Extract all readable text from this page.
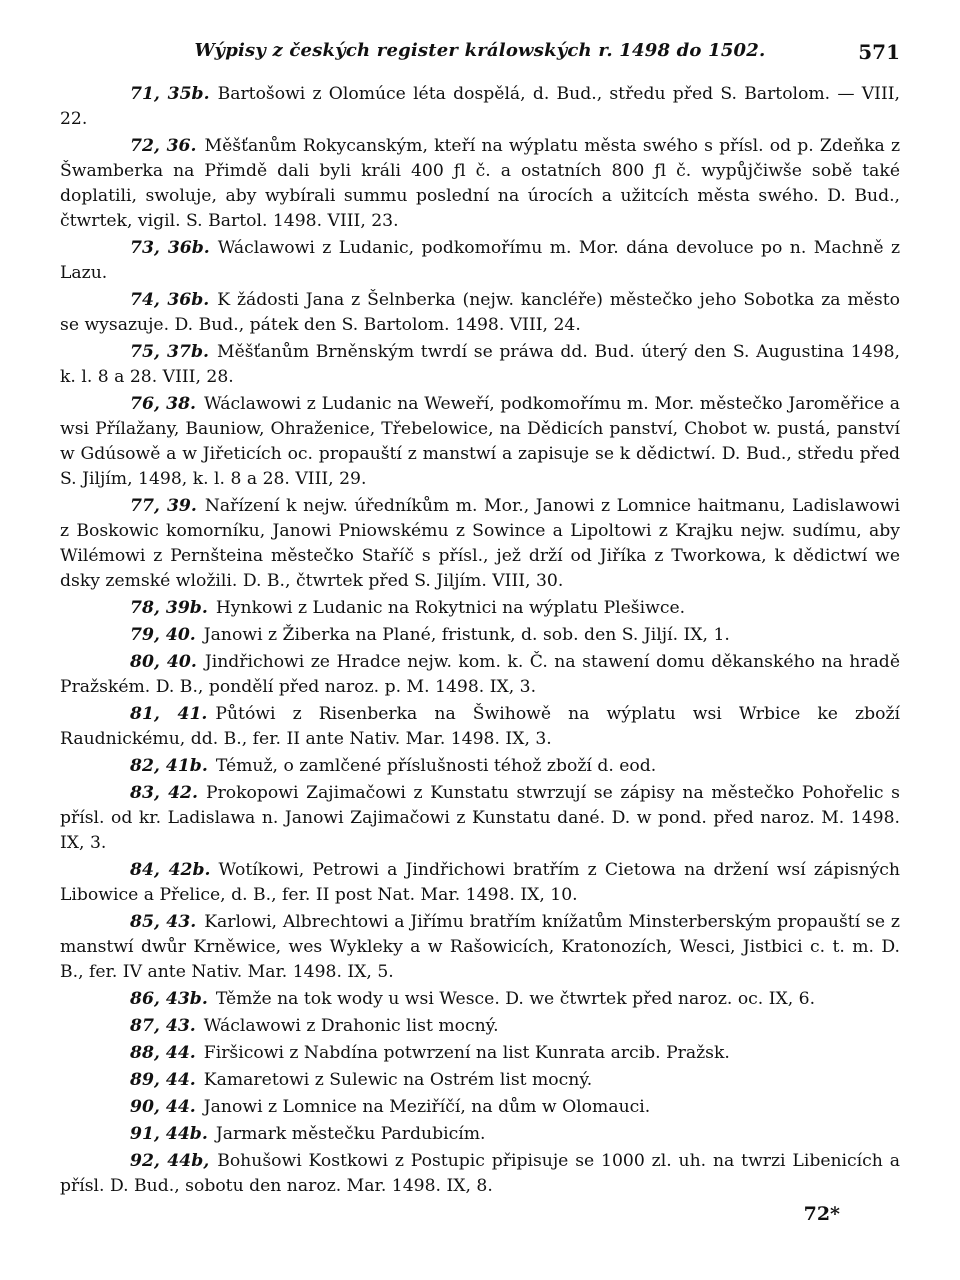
Wýpisy z českých register králowských r. 1498 do 1502.	571

71, 35b. Bartošowi z Olomúce léta dospělá, d. Bud., středu před S. Bartolom. — VIII, 22.

72, 36. Měšťanům Rokycanským, kteří na wýplatu města swého s přísl. od p. Zdeňka z Šwamberka na Přimdě dali byli králi 400 ƒl č. a ostatních 800 ƒl č. wypůjčiwše sobě také doplatili, swoluje, aby wybírali summu poslední na úrocích a užitcích města swého. D. Bud., čtwrtek, vigil. S. Bartol. 1498. VIII, 23.

73, 36b. Wáclawowi z Ludanic, podkomořímu m. Mor. dána devoluce po n. Machně z Lazu.

74, 36b. K žádosti Jana z Šelnberka (nejw. kancléře) městečko jeho Sobotka za město se wysazuje. D. Bud., pátek den S. Bartolom. 1498. VIII, 24.

75, 37b. Měšťanům Brněnským twrdí se práwa dd. Bud. úterý den S. Augustina 1498, k. l. 8 a 28. VIII, 28.

76, 38. Wáclawowi z Ludanic na Weweří, podkomořímu m. Mor. městečko Jaroměřice a wsi Přílažany, Bauniow, Ohraženice, Třebelowice, na Dědicích panství, Chobot w. pustá, panství w Gdúsowě a w Jiřeticích oc. propauští z manstwí a zapisuje se k dědictwí. D. Bud., středu před S. Jiljím, 1498, k. l. 8 a 28. VIII, 29.

77, 39. Nařízení k nejw. úředníkům m. Mor., Janowi z Lomnice haitmanu, Ladislawowi z Boskowic komorníku, Janowi Pniowskému z Sowince a Lipoltowi z Krajku nejw. sudímu, aby Wilémowi z Pernšteina městečko Staříč s přísl., jež drží od Jiříka z Tworkowa, k dědictwí we dsky zemské wložili. D. B., čtwrtek před S. Jiljím. VIII, 30.

78, 39b. Hynkowi z Ludanic na Rokytnici na wýplatu Plešiwce.

79, 40. Janowi z Žiberka na Plané, fristunk, d. sob. den S. Jiljí. IX, 1.

80, 40. Jindřichowi ze Hradce nejw. kom. k. Č. na stawení domu děkanského na hradě Pražském. D. B., pondělí před naroz. p. M. 1498. IX, 3.

81, 41. Půtówi z Risenberka na Šwihowě na wýplatu wsi Wrbice ke zboží Raudnickému, dd. B., fer. II ante Nativ. Mar. 1498. IX, 3.

82, 41b. Témuž, o zamlčené příslušnosti téhož zboží d. eod.

83, 42. Prokopowi Zajimačowi z Kunstatu stwrzují se zápisy na městečko Pohořelic s přísl. od kr. Ladislawa n. Janowi Zajimačowi z Kunstatu dané. D. w pond. před naroz. M. 1498. IX, 3.

84, 42b. Wotíkowi, Petrowi a Jindřichowi bratřím z Cietowa na držení wsí zápisných Libowice a Přelice, d. B., fer. II post Nat. Mar. 1498. IX, 10.

85, 43. Karlowi, Albrechtowi a Jiřímu bratřím knížatům Minsterberským propauští se z manstwí dwůr Krněwice, wes Wykleky a w Rašowicích, Kratonozích, Wesci, Jistbici c. t. m. D. B., fer. IV ante Nativ. Mar. 1498. IX, 5.

86, 43b. Těmže na tok wody u wsi Wesce. D. we čtwrtek před naroz. oc. IX, 6.

87, 43. Wáclawowi z Drahonic list mocný.

88, 44. Firšicowi z Nabdína potwrzení na list Kunrata arcib. Pražsk.

89, 44. Kamaretowi z Sulewic na Ostrém list mocný.

90, 44. Janowi z Lomnice na Meziříčí, na dům w Olomauci.

91, 44b. Jarmark městečku Pardubicím.

92, 44b, Bohušowi Kostkowi z Postupic připisuje se 1000 zl. uh. na twrzi Libenicích a přísl. D. Bud., sobotu den naroz. Mar. 1498. IX, 8.

72*
